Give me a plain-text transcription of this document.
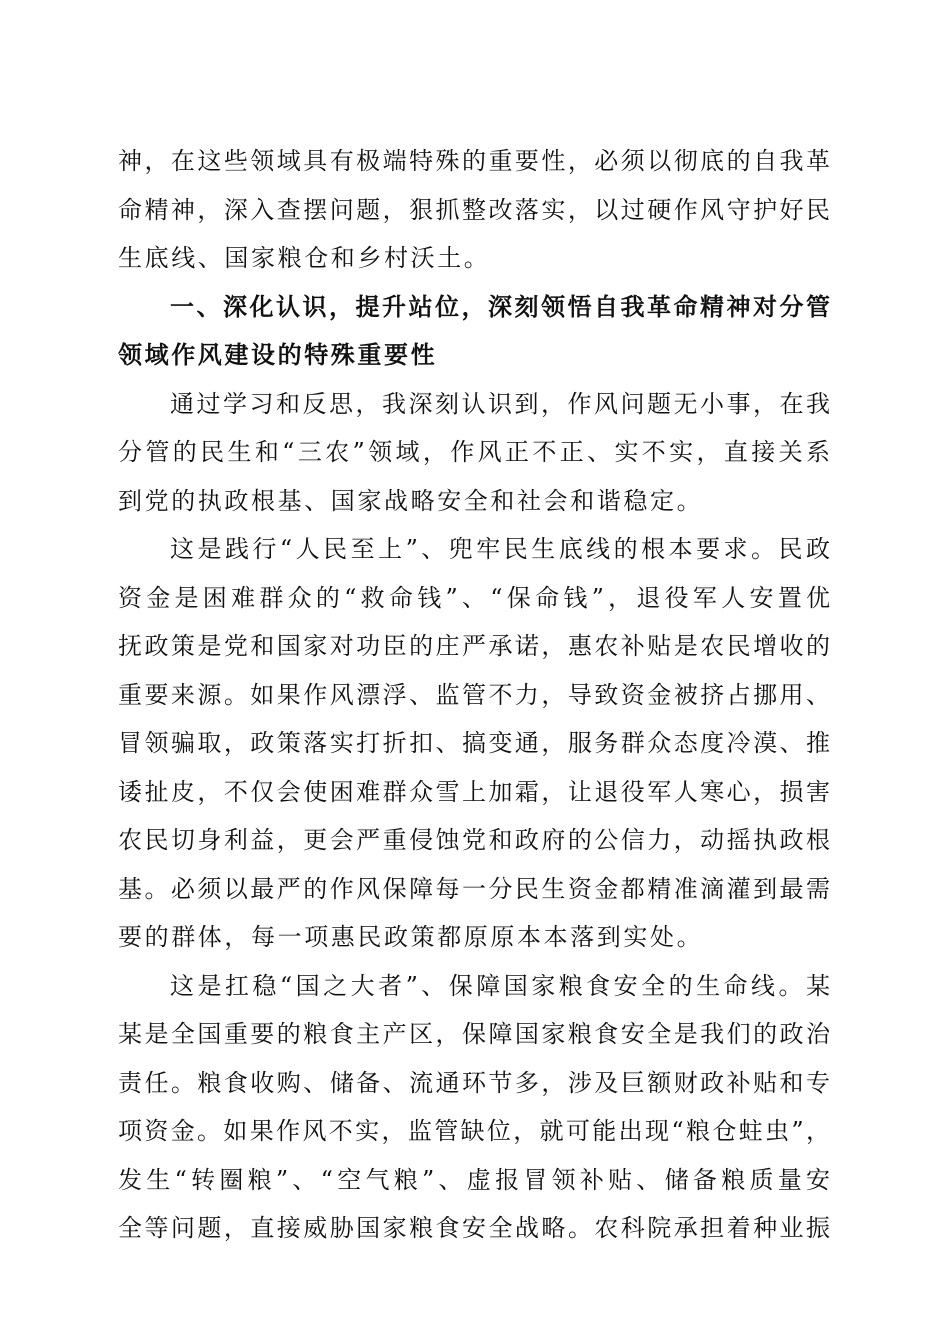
神，在这些领域具有极端特殊的重要性，必须以彻底的自我革
命精神，深入查摆问题，狠抓整改落实，以过硬作风守护好民
生底线、国家粮仓和乡村沃土。
一、深化认识，提升站位，深刻领悟自我革命精神对分管
领域作风建设的特殊重要性
通过学习和反思，我深刻认识到，作风问题无小事，在我
分管的民生和“三农”领域，作风正不正、实不实，直接关系
到党的执政根基、国家战略安全和社会和谐稳定。
这是践行“人民至上”、兜牢民生底线的根本要求。民政
资金是困难群众的“救命钱”、“保命钱”，退役军人安置优
抚政策是党和国家对功臣的庄严承诺，惠农补贴是农民增收的
重要来源。如果作风漂浮、监管不力，导致资金被挤占挪用、
冒领骗取，政策落实打折扣、搞变通，服务群众态度冷漠、推
诿扯皮，不仅会使困难群众雪上加霜，让退役军人寒心，损害
农民切身利益，更会严重侵蚀党和政府的公信力，动摇执政根
基。必须以最严的作风保障每一分民生资金都精准滴灌到最需
要的群体，每一项惠民政策都原原本本落到实处。
这是扛稳“国之大者”、保障国家粮食安全的生命线。某
某是全国重要的粮食主产区，保障国家粮食安全是我们的政治
责任。粮食收购、储备、流通环节多，涉及巨额财政补贴和专
项资金。如果作风不实，监管缺位，就可能出现“粮仓蛀虫”，
发生“转圈粮”、“空气粮”、虚报冒领补贴、储备粮质量安
全等问题，直接威胁国家粮食安全战略。农科院承担着种业振
